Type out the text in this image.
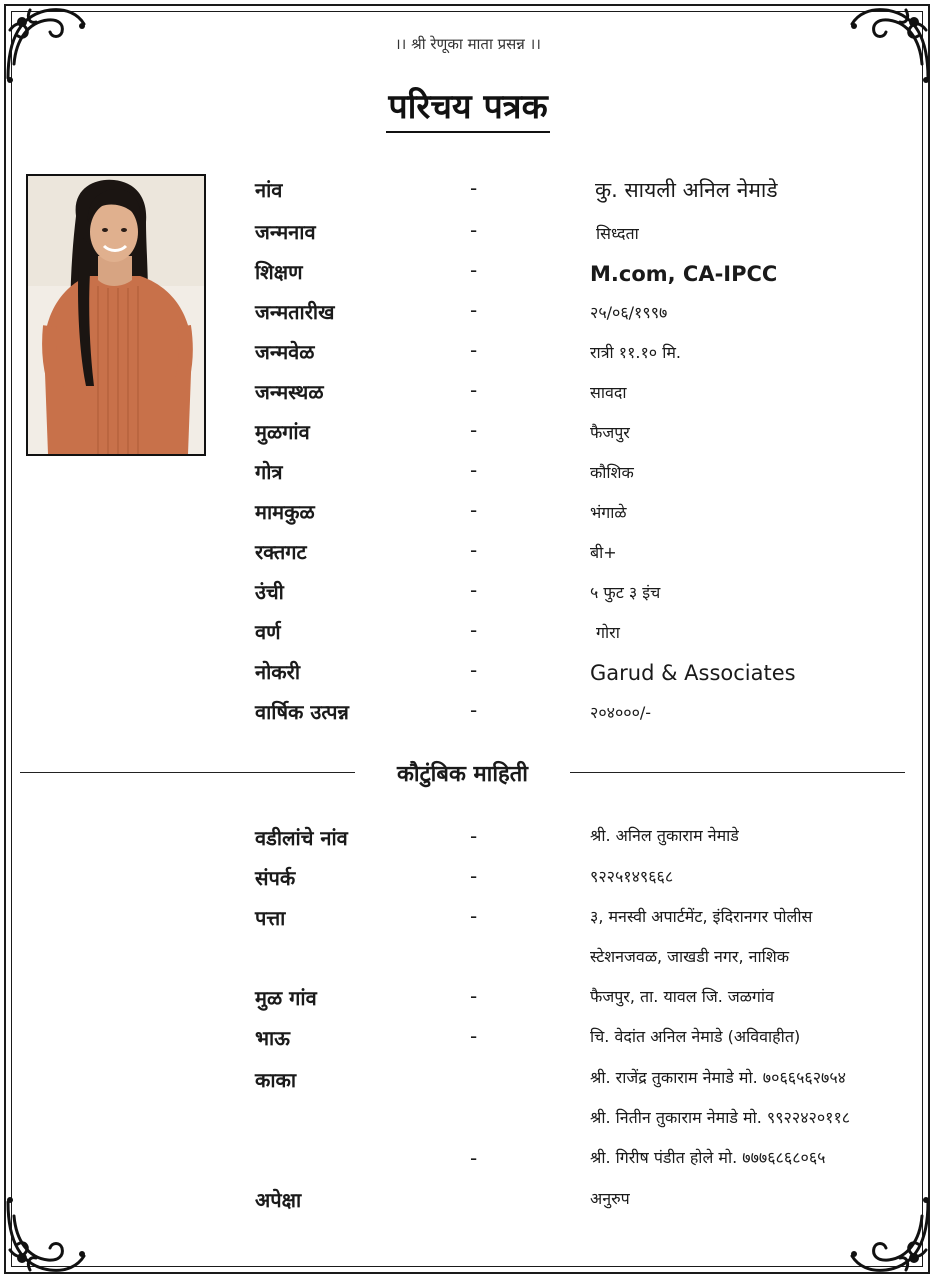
।। श्री रेणूका माता प्रसन्न ।।
परिचय पत्रक
नांव	-	कु. सायली अनिल नेमाडे
जन्मनाव	-	सिध्दता
शिक्षण	-	M.com, CA-IPCC
जन्मतारीख	-	२५/०६/१९९७
जन्मवेळ	-	रात्री ११.१० मि.
जन्मस्थळ	-	सावदा
मुळगांव	-	फैजपुर
गोत्र	-	कौशिक
मामकुळ	-	भंगाळे
रक्तगट	-	बी+
उंची	-	५ फुट ३ इंच
वर्ण	-	गोरा
नोकरी	-	Garud & Associates
वार्षिक उत्पन्न	-	२०४०००/-
कौटुंबिक माहिती
वडीलांचे नांव	-	श्री. अनिल तुकाराम नेमाडे
संपर्क	-	९२२५१४९६६८
पत्ता	-	३, मनस्वी अपार्टमेंट, इंदिरानगर पोलीस
स्टेशनजवळ, जाखडी नगर, नाशिक
मुळ गांव	-	फैजपुर, ता. यावल जि. जळगांव
भाऊ	-	चि. वेदांत अनिल नेमाडे (अविवाहीत)
काका	श्री. राजेंद्र तुकाराम नेमाडे मो. ७०६६५६२७५४
श्री. नितीन तुकाराम नेमाडे मो. ९९२२४२०११८
-	श्री. गिरीष पंडीत होले मो. ७७७६८६८०६५
अपेक्षा	अनुरुप
